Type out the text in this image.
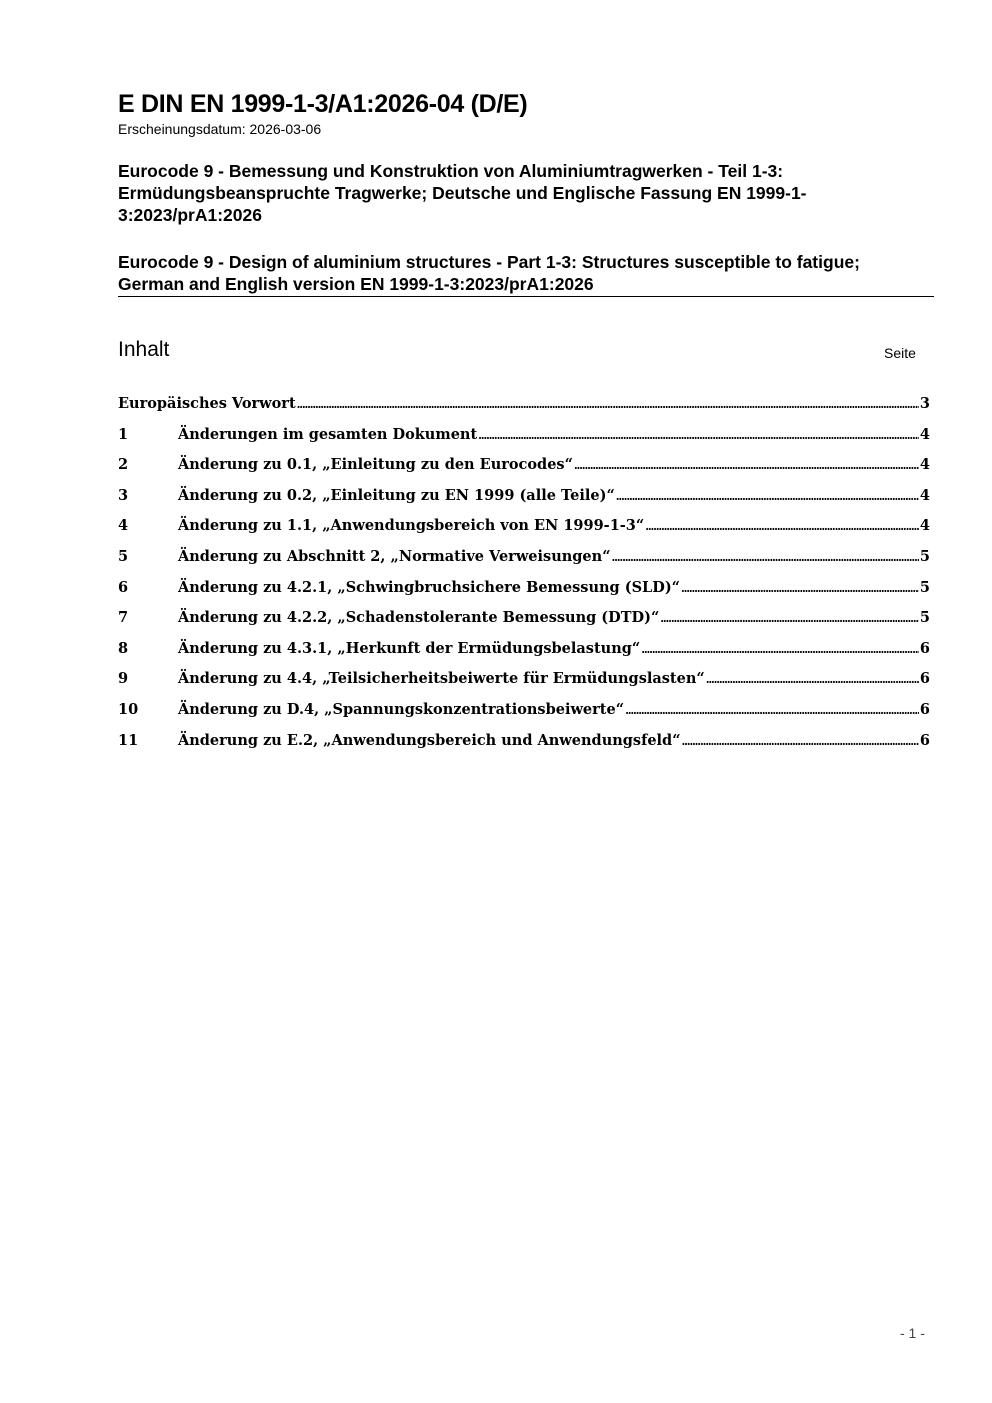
E DIN EN 1999-1-3/A1:2026-04 (D/E)
Erscheinungsdatum: 2026-03-06
Eurocode 9 - Bemessung und Konstruktion von Aluminiumtragwerken - Teil 1-3: Ermüdungsbeanspruchte Tragwerke; Deutsche und Englische Fassung EN 1999-1-3:2023/prA1:2026
Eurocode 9 - Design of aluminium structures - Part 1-3: Structures susceptible to fatigue; German and English version EN 1999-1-3:2023/prA1:2026
Inhalt	Seite
Europäisches Vorwort .....	3
1	Änderungen im gesamten Dokument .....	4
2	Änderung zu 0.1, „Einleitung zu den Eurocodes“ .....	4
3	Änderung zu 0.2, „Einleitung zu EN 1999 (alle Teile)“ .....	4
4	Änderung zu 1.1, „Anwendungsbereich von EN 1999-1-3“ .....	4
5	Änderung zu Abschnitt 2, „Normative Verweisungen“ .....	5
6	Änderung zu 4.2.1, „Schwingbruchsichere Bemessung (SLD)“ .....	5
7	Änderung zu 4.2.2, „Schadenstolerante Bemessung (DTD)“ .....	5
8	Änderung zu 4.3.1, „Herkunft der Ermüdungsbelastung“ .....	6
9	Änderung zu 4.4, „Teilsicherheitsbeiwerte für Ermüdungslasten“ .....	6
10	Änderung zu D.4, „Spannungskonzentrationsbeiwerte“ .....	6
11	Änderung zu E.2, „Anwendungsbereich und Anwendungsfeld“ .....	6
- 1 -
